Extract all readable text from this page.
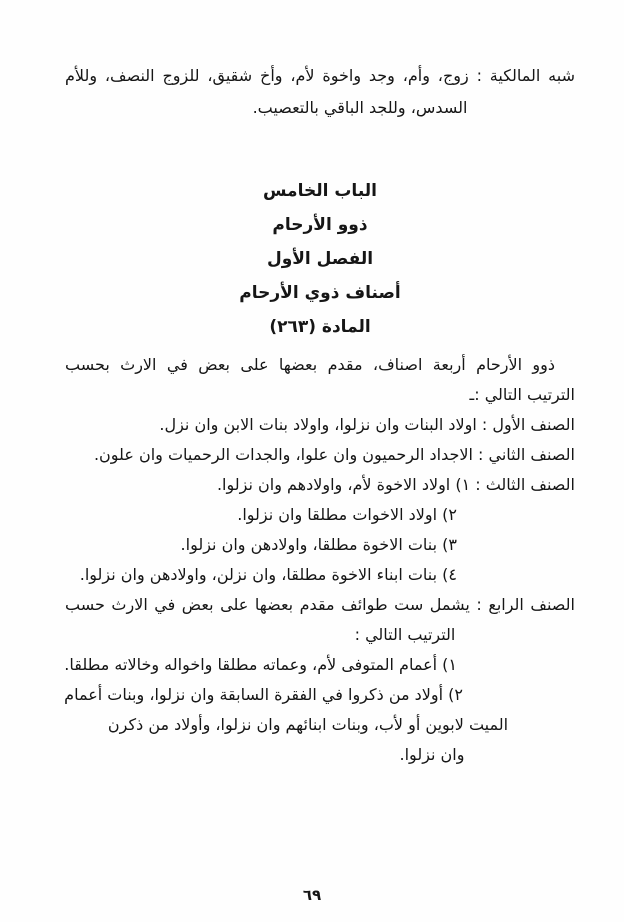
شبه المالكية : زوج، وأم، وجد واخوة لأم، وأخ شقيق، للزوج النصف، وللأم
السدس، وللجد الباقي بالتعصيب.
الباب الخامس
ذوو الأرحام
الفصل الأول
أصناف ذوي الأرحام
المادة (٢٦٣)
ذوو الأرحام أربعة اصناف، مقدم بعضها على بعض في الارث بحسب
الترتيب التالي :ـ
الصنف الأول : اولاد البنات وان نزلوا، واولاد بنات الابن وان نزل.
الصنف الثاني : الاجداد الرحميون وان علوا، والجدات الرحميات وان علون.
الصنف الثالث : ١) اولاد الاخوة لأم، واولادهم وان نزلوا.
٢) اولاد الاخوات مطلقا وان نزلوا.
٣) بنات الاخوة مطلقا، واولادهن وان نزلوا.
٤) بنات ابناء الاخوة مطلقا، وان نزلن، واولادهن وان نزلوا.
الصنف الرابع : يشمل ست طوائف مقدم بعضها على بعض في الارث حسب
الترتيب التالي :
١) أعمام المتوفى لأم، وعماته مطلقا واخواله وخالاته مطلقا.
٢) أولاد من ذكروا في الفقرة السابقة وان نزلوا، وبنات أعمام
الميت لابوين أو لأب، وبنات ابنائهم وان نزلوا، وأولاد من ذكرن
وان نزلوا.
٦٩
